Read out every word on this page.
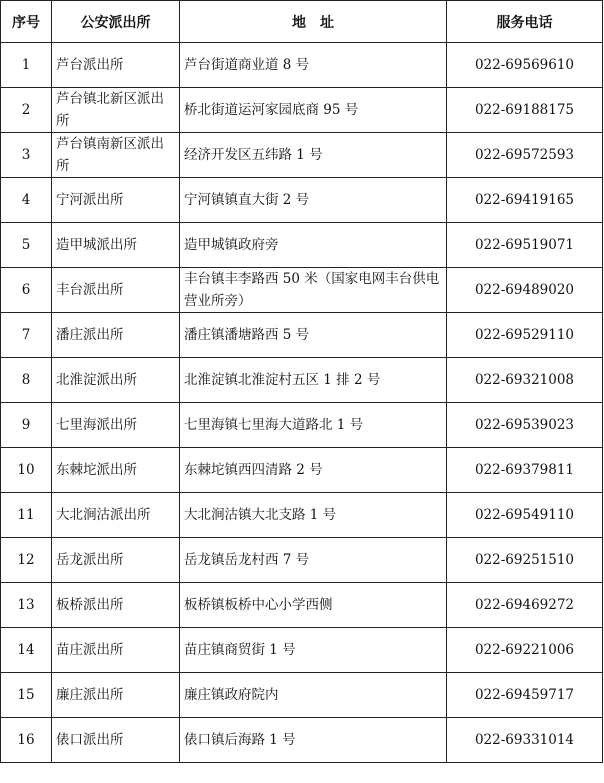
序号	公安派出所	地　址	服务电话
1	芦台派出所	芦台街道商业道 8 号	022-69569610
2	芦台镇北新区派出所	桥北街道运河家园底商 95 号	022-69188175
3	芦台镇南新区派出所	经济开发区五纬路 1 号	022-69572593
4	宁河派出所	宁河镇镇直大街 2 号	022-69419165
5	造甲城派出所	造甲城镇政府旁	022-69519071
6	丰台派出所	丰台镇丰李路西 50 米（国家电网丰台供电营业所旁）	022-69489020
7	潘庄派出所	潘庄镇潘塘路西 5 号	022-69529110
8	北淮淀派出所	北淮淀镇北淮淀村五区 1 排 2 号	022-69321008
9	七里海派出所	七里海镇七里海大道路北 1 号	022-69539023
10	东棘坨派出所	东棘坨镇西四清路 2 号	022-69379811
11	大北涧沽派出所	大北涧沽镇大北支路 1 号	022-69549110
12	岳龙派出所	岳龙镇岳龙村西 7 号	022-69251510
13	板桥派出所	板桥镇板桥中心小学西侧	022-69469272
14	苗庄派出所	苗庄镇商贸街 1 号	022-69221006
15	廉庄派出所	廉庄镇政府院内	022-69459717
16	俵口派出所	俵口镇后海路 1 号	022-69331014
